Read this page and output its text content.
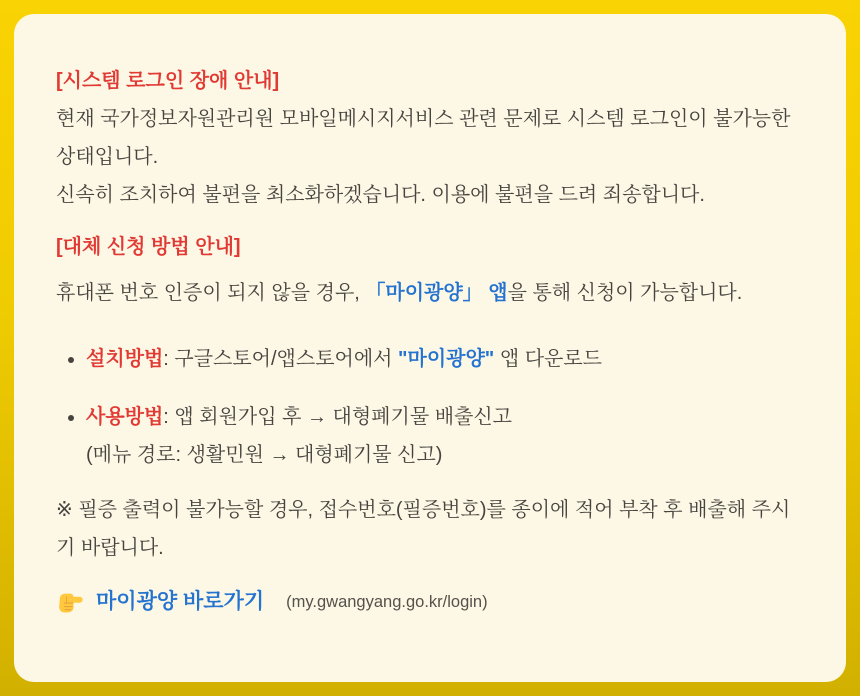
[시스템 로그인 장애 안내]

현재 국가정보자원관리원 모바일메시지서비스 관련 문제로 시스템 로그인이 불가능한 상태입니다.

신속히 조치하여 불편을 최소화하겠습니다. 이용에 불편을 드려 죄송합니다.

[대체 신청 방법 안내]

휴대폰 번호 인증이 되지 않을 경우, 「마이광양」 앱을 통해 신청이 가능합니다.

• 설치방법: 구글스토어/앱스토어에서 "마이광양" 앱 다운로드
• 사용방법: 앱 회원가입 후 → 대형폐기물 배출신고
(메뉴 경로: 생활민원 → 대형폐기물 신고)

※ 필증 출력이 불가능할 경우, 접수번호(필증번호)를 종이에 적어 부착 후 배출해 주시기 바랍니다.

마이광양 바로가기 (my.gwangyang.go.kr/login)
